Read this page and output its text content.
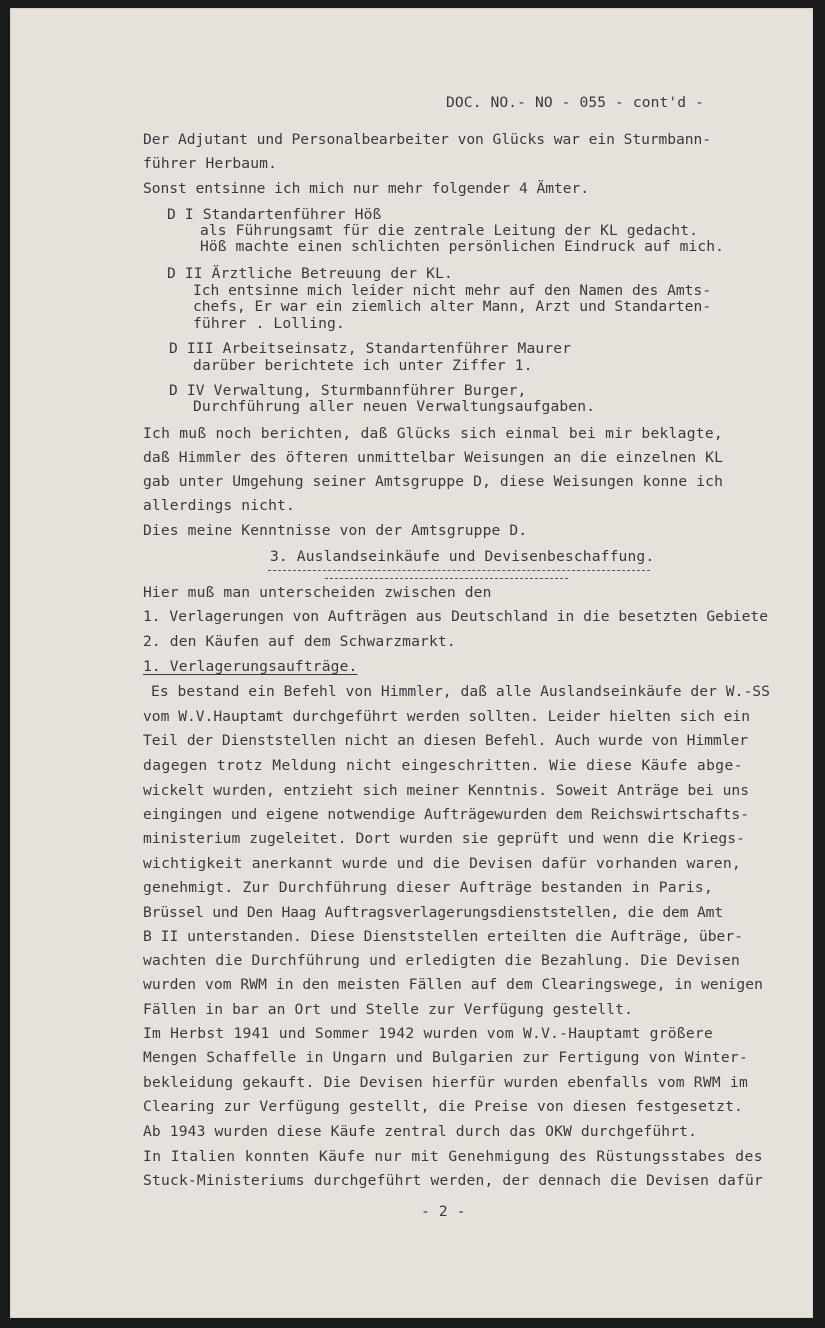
DOC. NO.- NO - 055 - cont'd -
Der Adjutant und Personalbearbeiter von Glücks war ein Sturmbann-
führer Herbaum.
Sonst entsinne ich mich nur mehr folgender 4 Ämter.
D I Standartenführer Höß
als Führungsamt für die zentrale Leitung der KL gedacht.
Höß machte einen schlichten persönlichen Eindruck auf mich.
D II Ärztliche Betreuung der KL.
Ich entsinne mich leider nicht mehr auf den Namen des Amts-
chefs, Er war ein ziemlich alter Mann, Arzt und Standarten-
führer . Lolling.
D III Arbeitseinsatz, Standartenführer Maurer
darüber berichtete ich unter Ziffer 1.
D IV Verwaltung, Sturmbannführer Burger,
Durchführung aller neuen Verwaltungsaufgaben.
Ich muß noch berichten, daß Glücks sich einmal bei mir beklagte,
daß Himmler des öfteren unmittelbar Weisungen an die einzelnen KL
gab unter Umgehung seiner Amtsgruppe D, diese Weisungen konne ich
allerdings nicht.
Dies meine Kenntnisse von der Amtsgruppe D.
3. Auslandseinkäufe und Devisenbeschaffung.
Hier muß man unterscheiden zwischen den
1. Verlagerungen von Aufträgen aus Deutschland in die besetzten Gebiete
2. den Käufen auf dem Schwarzmarkt.
1. Verlagerungsaufträge.
Es bestand ein Befehl von Himmler, daß alle Auslandseinkäufe der W.-SS
vom W.V.Hauptamt durchgeführt werden sollten. Leider hielten sich ein
Teil der Dienststellen nicht an diesen Befehl. Auch wurde von Himmler
dagegen trotz Meldung nicht eingeschritten. Wie diese Käufe abge-
wickelt wurden, entzieht sich meiner Kenntnis. Soweit Anträge bei uns
eingingen und eigene notwendige Aufträgewurden dem Reichswirtschafts-
ministerium zugeleitet. Dort wurden sie geprüft und wenn die Kriegs-
wichtigkeit anerkannt wurde und die Devisen dafür vorhanden waren,
genehmigt. Zur Durchführung dieser Aufträge bestanden in Paris,
Brüssel und Den Haag Auftragsverlagerungsdienststellen, die dem Amt
B II unterstanden. Diese Dienststellen erteilten die Aufträge, über-
wachten die Durchführung und erledigten die Bezahlung. Die Devisen
wurden vom RWM in den meisten Fällen auf dem Clearingswege, in wenigen
Fällen in bar an Ort und Stelle zur Verfügung gestellt.
Im Herbst 1941 und Sommer 1942 wurden vom W.V.-Hauptamt größere
Mengen Schaffelle in Ungarn und Bulgarien zur Fertigung von Winter-
bekleidung gekauft. Die Devisen hierfür wurden ebenfalls vom RWM im
Clearing zur Verfügung gestellt, die Preise von diesen festgesetzt.
Ab 1943 wurden diese Käufe zentral durch das OKW durchgeführt.
In Italien konnten Käufe nur mit Genehmigung des Rüstungsstabes des
Stuck-Ministeriums durchgeführt werden, der dennach die Devisen dafür
- 2 -
